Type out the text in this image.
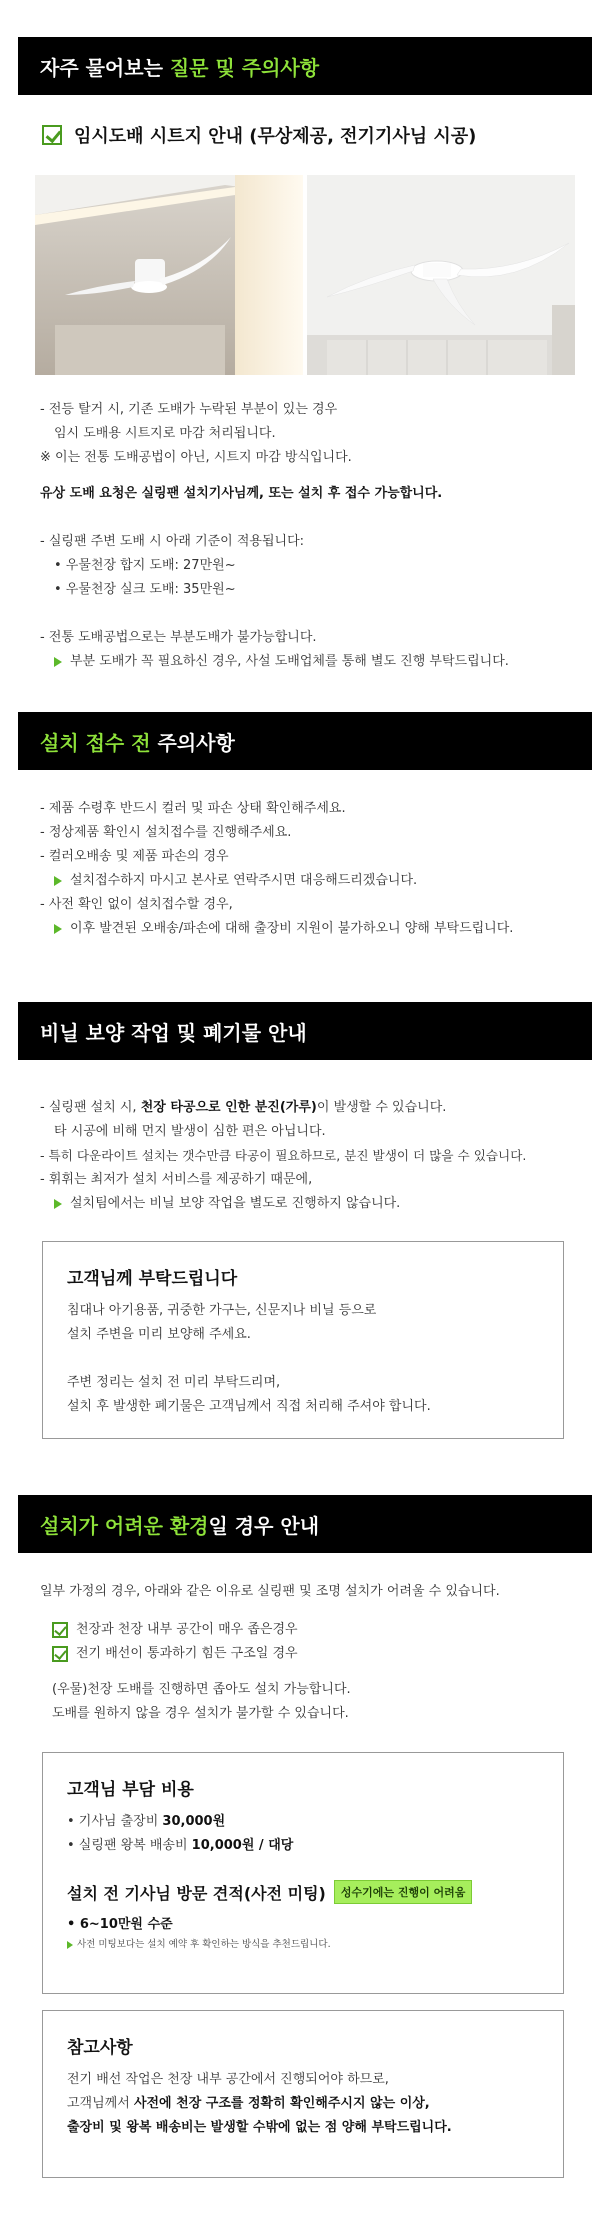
자주 물어보는 질문 및 주의사항
임시도배 시트지 안내 (무상제공, 전기기사님 시공)
- 전등 탈거 시, 기존 도배가 누락된 부분이 있는 경우
임시 도배용 시트지로 마감 처리됩니다.
※ 이는 전통 도배공법이 아닌, 시트지 마감 방식입니다.
유상 도배 요청은 실링팬 설치기사님께, 또는 설치 후 접수 가능합니다.
- 실링팬 주변 도배 시 아래 기준이 적용됩니다:
• 우물천장 합지 도배: 27만원~
• 우물천장 실크 도배: 35만원~
- 전통 도배공법으로는 부분도배가 불가능합니다.
부분 도배가 꼭 필요하신 경우, 사설 도배업체를 통해 별도 진행 부탁드립니다.
설치 접수 전 주의사항
- 제품 수령후 반드시 컬러 및 파손 상태 확인해주세요.
- 정상제품 확인시 설치접수를 진행해주세요.
- 컬러오배송 및 제품 파손의 경우
설치접수하지 마시고 본사로 연락주시면 대응해드리겠습니다.
- 사전 확인 없이 설치접수할 경우,
이후 발견된 오배송/파손에 대해 출장비 지원이 불가하오니 양해 부탁드립니다.
비닐 보양 작업 및 폐기물 안내
- 실링팬 설치 시, 천장 타공으로 인한 분진(가루)이 발생할 수 있습니다.
타 시공에 비해 먼지 발생이 심한 편은 아닙니다.
- 특히 다운라이트 설치는 갯수만큼 타공이 필요하므로, 분진 발생이 더 많을 수 있습니다.
- 휘휘는 최저가 설치 서비스를 제공하기 때문에,
설치팀에서는 비닐 보양 작업을 별도로 진행하지 않습니다.
고객님께 부탁드립니다
침대나 아기용품, 귀중한 가구는, 신문지나 비닐 등으로
설치 주변을 미리 보양해 주세요.
주변 정리는 설치 전 미리 부탁드리며,
설치 후 발생한 폐기물은 고객님께서 직접 처리해 주셔야 합니다.
설치가 어려운 환경 일 경우 안내
일부 가정의 경우, 아래와 같은 이유로 실링팬 및 조명 설치가 어려울 수 있습니다.
천장과 천장 내부 공간이 매우 좁은경우
전기 배선이 통과하기 힘든 구조일 경우
(우물)천장 도배를 진행하면 좁아도 설치 가능합니다.
도배를 원하지 않을 경우 설치가 불가할 수 있습니다.
고객님 부담 비용
• 기사님 출장비 30,000원
• 실링팬 왕복 배송비 10,000원 / 대당
설치 전 기사님 방문 견적(사전 미팅)	성수기에는 진행이 어려움
• 6~10만원 수준
사전 미팅보다는 설치 예약 후 확인하는 방식을 추천드립니다.
참고사항
전기 배선 작업은 천장 내부 공간에서 진행되어야 하므로,
고객님께서 사전에 천장 구조를 정확히 확인해주시지 않는 이상,
출장비 및 왕복 배송비는 발생할 수밖에 없는 점 양해 부탁드립니다.
